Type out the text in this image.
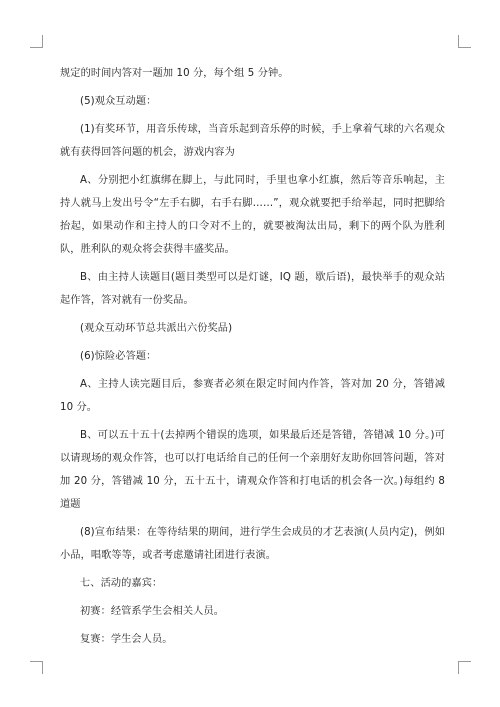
规定的时间内答对一题加 10 分，每个组 5 分钟。

(5)观众互动题：

(1)有奖环节，用音乐传球，当音乐起到音乐停的时候，手上拿着气球的六名观众就有获得回答问题的机会，游戏内容为

A、分别把小红旗绑在脚上，与此同时，手里也拿小红旗，然后等音乐响起，主持人就马上发出号令“左手右脚，右手右脚……”，观众就要把手给举起，同时把脚给抬起，如果动作和主持人的口令对不上的，就要被淘汰出局，剩下的两个队为胜利队，胜利队的观众将会获得丰盛奖品。

B、由主持人读题目(题目类型可以是灯谜，IQ 题，歇后语)，最快举手的观众站起作答，答对就有一份奖品。

(观众互动环节总共派出六份奖品)

(6)惊险必答题：

A、主持人读完题目后，参赛者必须在限定时间内作答，答对加 20 分，答错减 10 分。

B、可以五十五十(去掉两个错误的选项，如果最后还是答错，答错减 10 分。)可以请现场的观众作答，也可以打电话给自己的任何一个亲朋好友助你回答问题，答对加 20 分，答错减 10 分，五十五十，请观众作答和打电话的机会各一次。)每组约 8 道题

(8)宣布结果：在等待结果的期间，进行学生会成员的才艺表演(人员内定)，例如小品，唱歌等等，或者考虑邀请社团进行表演。

七、活动的嘉宾：

初赛：经管系学生会相关人员。

复赛：学生会人员。
